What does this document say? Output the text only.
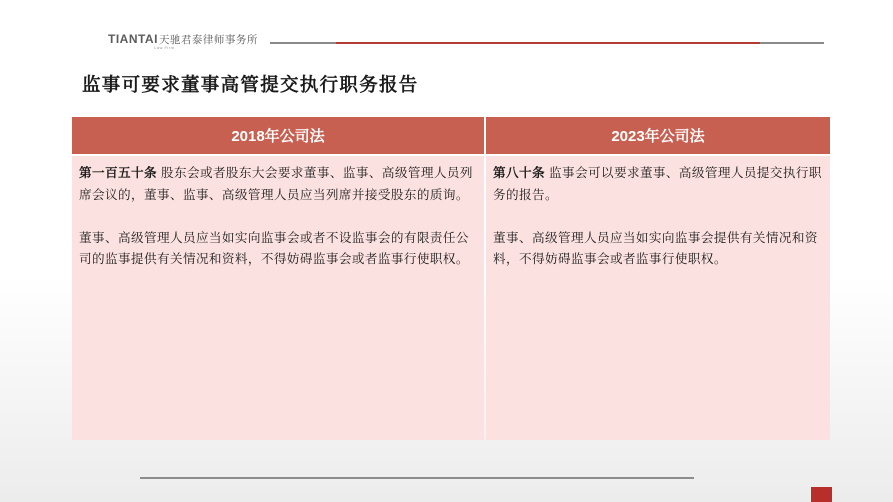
TIANTAI天驰君泰律师事务所
Law Firm
监事可要求董事高管提交执行职务报告
2018年公司法	2023年公司法

第一百五十条 股东会或者股东大会要求董事、监事、高级管理人员列席会议的，董事、监事、高级管理人员应当列席并接受股东的质询。

董事、高级管理人员应当如实向监事会或者不设监事会的有限责任公司的监事提供有关情况和资料，不得妨碍监事会或者监事行使职权。

第八十条 监事会可以要求董事、高级管理人员提交执行职务的报告。

董事、高级管理人员应当如实向监事会提供有关情况和资料，不得妨碍监事会或者监事行使职权。
